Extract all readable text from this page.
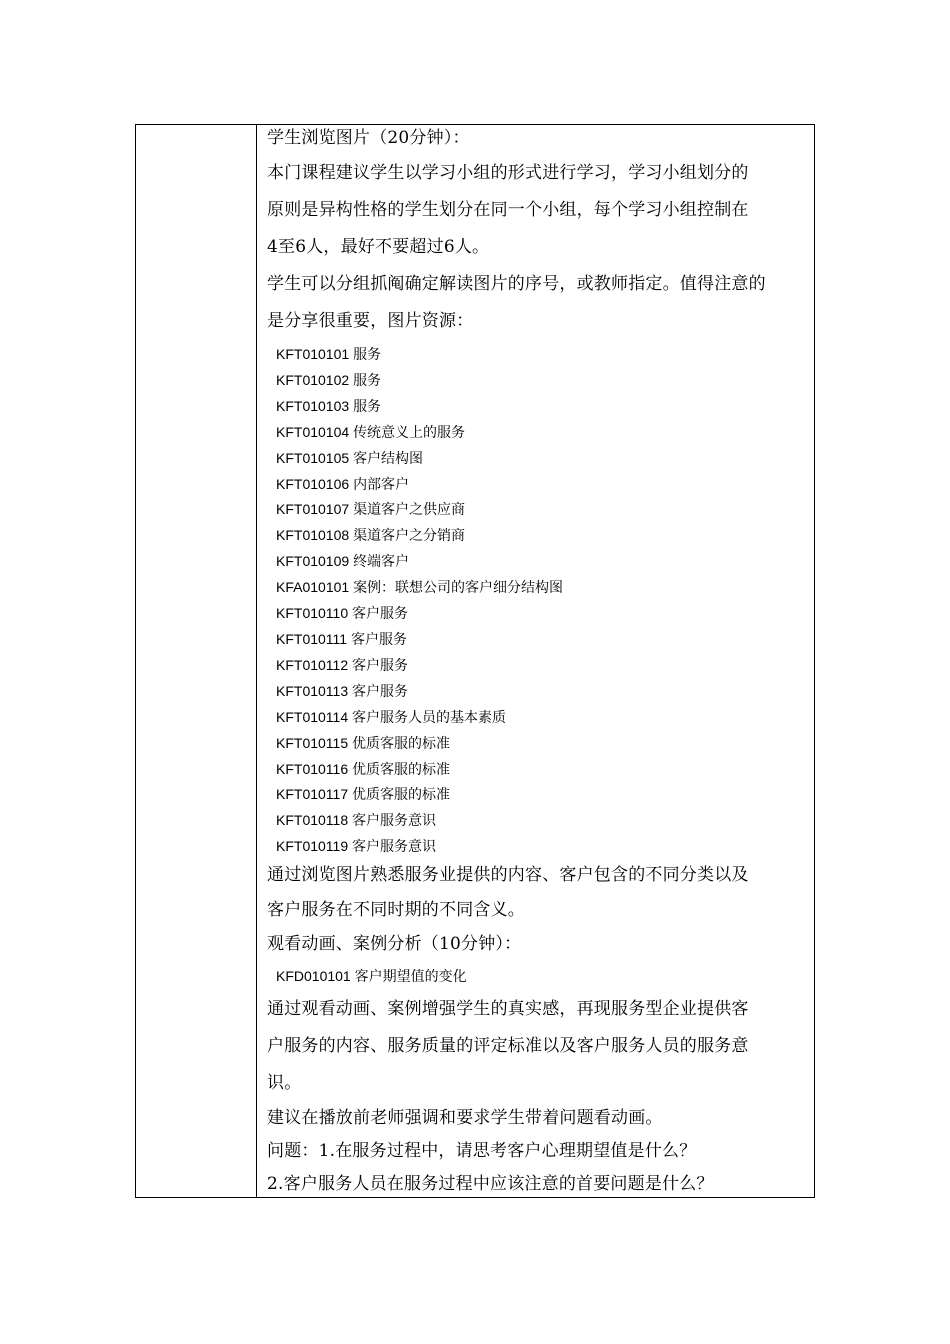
学生浏览图片（20分钟）：

本门课程建议学生以学习小组的形式进行学习，学习小组划分的
原则是异构性格的学生划分在同一个小组，每个学习小组控制在
4至6人，最好不要超过6人。

学生可以分组抓阄确定解读图片的序号，或教师指定。值得注意的
是分享很重要，图片资源：

KFT010101 服务
KFT010102 服务
KFT010103 服务
KFT010104 传统意义上的服务
KFT010105 客户结构图
KFT010106 内部客户
KFT010107 渠道客户之供应商
KFT010108 渠道客户之分销商
KFT010109 终端客户
KFA010101 案例：联想公司的客户细分结构图
KFT010110 客户服务
KFT010111 客户服务
KFT010112 客户服务
KFT010113 客户服务
KFT010114 客户服务人员的基本素质
KFT010115 优质客服的标准
KFT010116 优质客服的标准
KFT010117 优质客服的标准
KFT010118 客户服务意识
KFT010119 客户服务意识

通过浏览图片熟悉服务业提供的内容、客户包含的不同分类以及
客户服务在不同时期的不同含义。

观看动画、案例分析（10分钟）：

KFD010101 客户期望值的变化

通过观看动画、案例增强学生的真实感，再现服务型企业提供客
户服务的内容、服务质量的评定标准以及客户服务人员的服务意
识。

建议在播放前老师强调和要求学生带着问题看动画。

问题：1.在服务过程中，请思考客户心理期望值是什么？

2.客户服务人员在服务过程中应该注意的首要问题是什么？
